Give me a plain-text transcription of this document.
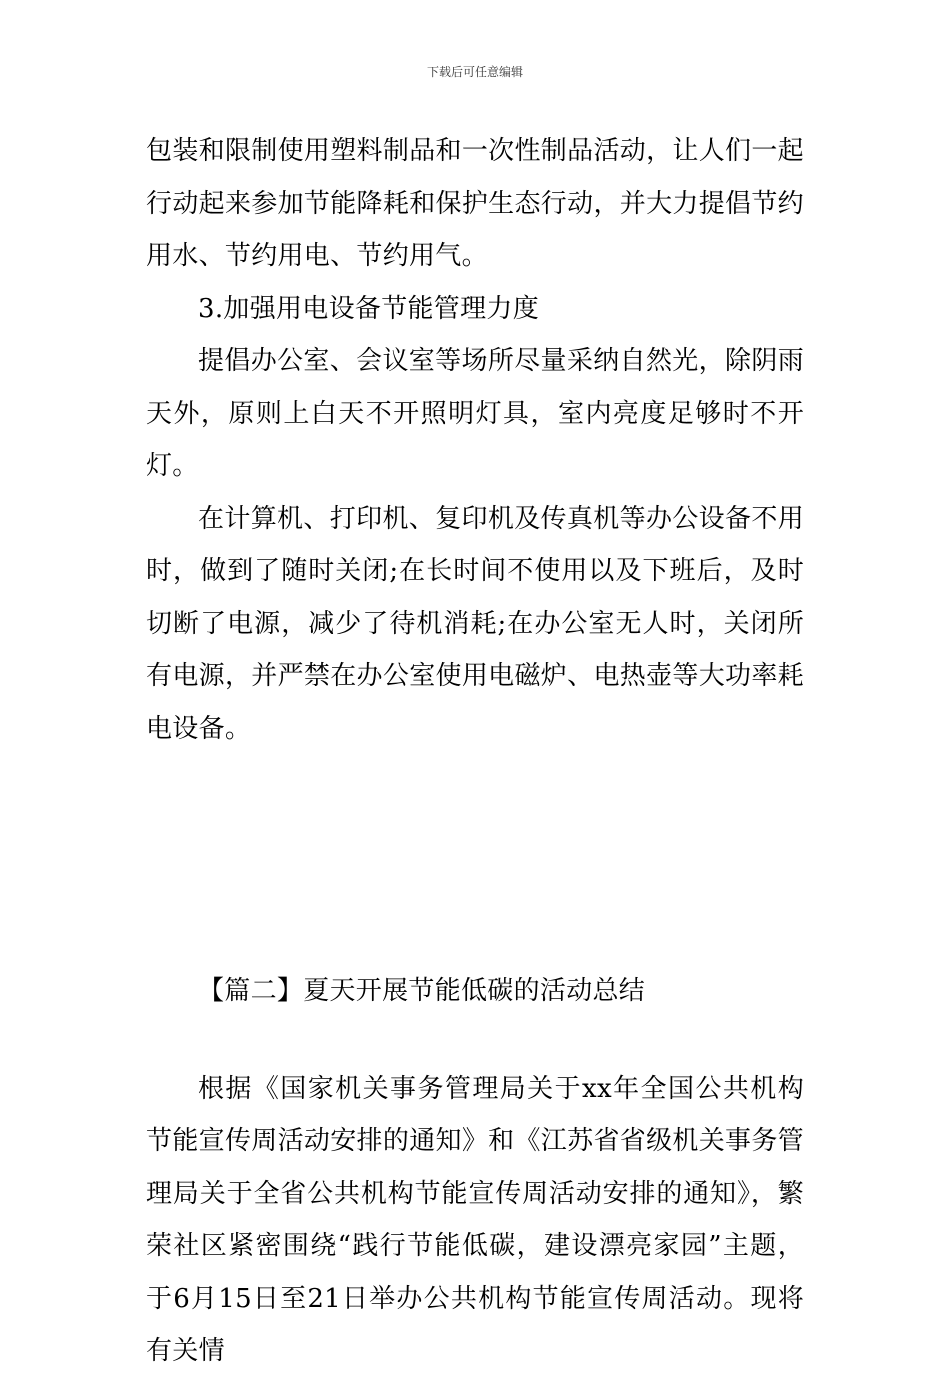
下载后可任意编辑

包装和限制使用塑料制品和一次性制品活动，让人们一起行动起来参加节能降耗和保护生态行动，并大力提倡节约用水、节约用电、节约用气。

3.加强用电设备节能管理力度

提倡办公室、会议室等场所尽量采纳自然光，除阴雨天外，原则上白天不开照明灯具，室内亮度足够时不开灯。

在计算机、打印机、复印机及传真机等办公设备不用时，做到了随时关闭;在长时间不使用以及下班后，及时切断了电源，减少了待机消耗;在办公室无人时，关闭所有电源，并严禁在办公室使用电磁炉、电热壶等大功率耗电设备。

【篇二】夏天开展节能低碳的活动总结

根据《国家机关事务管理局关于xx年全国公共机构节能宣传周活动安排的通知》和《江苏省省级机关事务管理局关于全省公共机构节能宣传周活动安排的通知》，繁荣社区紧密围绕“践行节能低碳，建设漂亮家园”主题，于6月15日至21日举办公共机构节能宣传周活动。现将有关情
